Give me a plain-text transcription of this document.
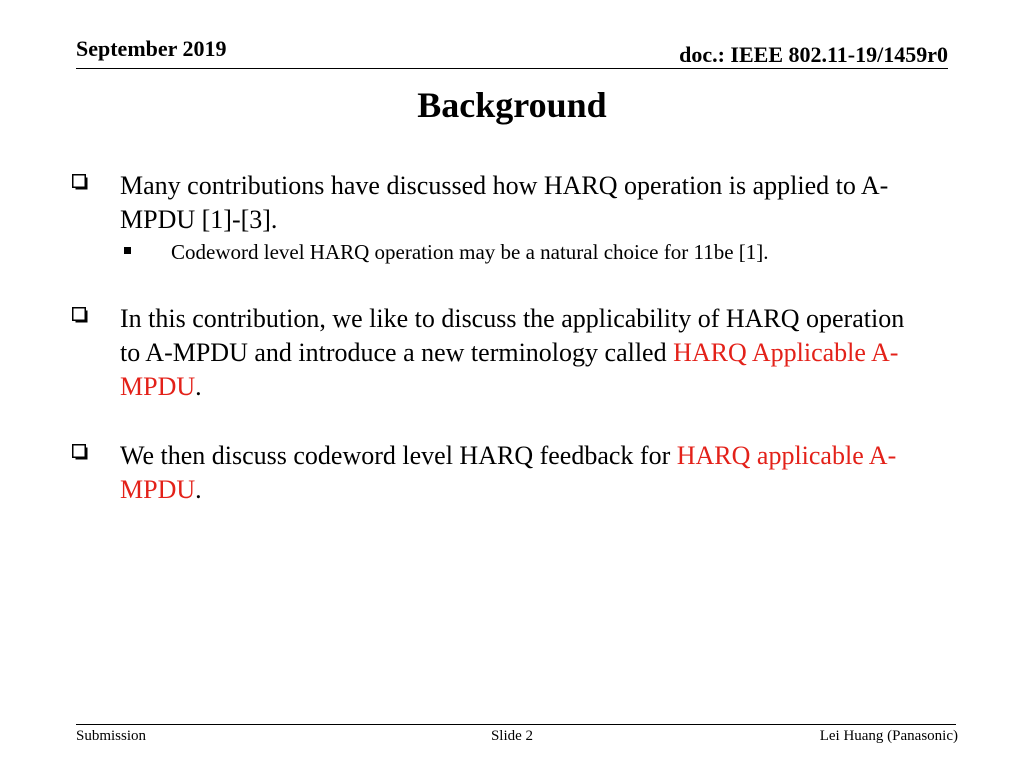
September 2019	doc.: IEEE 802.11-19/1459r0
Background
Many contributions have discussed how HARQ operation is applied to A-MPDU [1]-[3].
Codeword level HARQ operation may be a natural choice for 11be [1].
In this contribution, we like to discuss the applicability of HARQ operation to A-MPDU and introduce a new terminology called HARQ Applicable A-MPDU.
We then discuss codeword level HARQ feedback for HARQ applicable A-MPDU.
Submission	Slide 2	Lei Huang (Panasonic)
